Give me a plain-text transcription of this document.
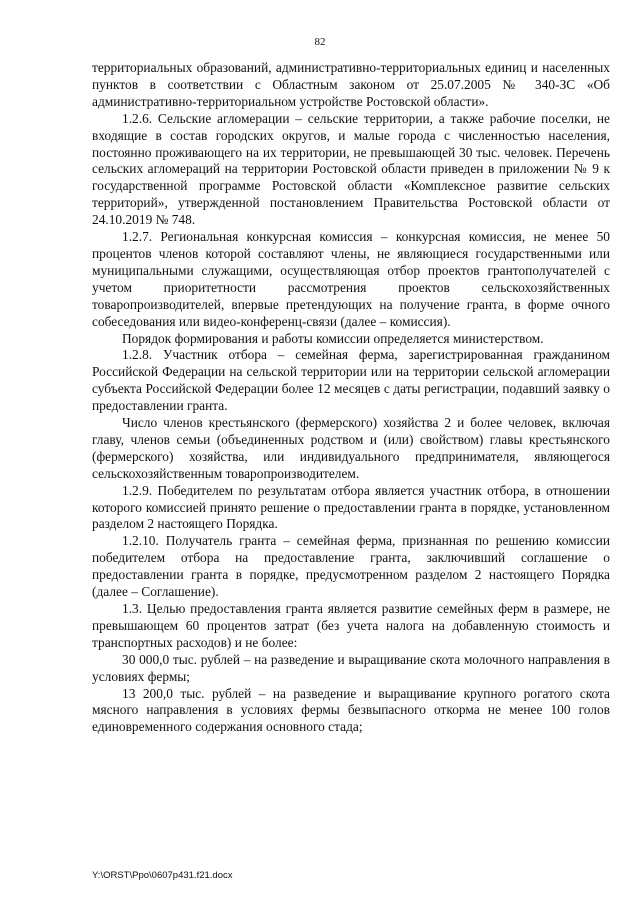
82

территориальных образований, административно-территориальных единиц и населенных пунктов в соответствии с Областным законом от 25.07.2005 № 340-ЗС «Об административно-территориальном устройстве Ростовской области».

1.2.6. Сельские агломерации – сельские территории, а также рабочие поселки, не входящие в состав городских округов, и малые города с численностью населения, постоянно проживающего на их территории, не превышающей 30 тыс. человек. Перечень сельских агломераций на территории Ростовской области приведен в приложении № 9 к государственной программе Ростовской области «Комплексное развитие сельских территорий», утвержденной постановлением Правительства Ростовской области от 24.10.2019 № 748.

1.2.7. Региональная конкурсная комиссия – конкурсная комиссия, не менее 50 процентов членов которой составляют члены, не являющиеся государственными или муниципальными служащими, осуществляющая отбор проектов грантополучателей с учетом приоритетности рассмотрения проектов сельскохозяйственных товаропроизводителей, впервые претендующих на получение гранта, в форме очного собеседования или видео-конференц-связи (далее – комиссия).

Порядок формирования и работы комиссии определяется министерством.

1.2.8. Участник отбора – семейная ферма, зарегистрированная гражданином Российской Федерации на сельской территории или на территории сельской агломерации субъекта Российской Федерации более 12 месяцев с даты регистрации, подавший заявку о предоставлении гранта.

Число членов крестьянского (фермерского) хозяйства 2 и более человек, включая главу, членов семьи (объединенных родством и (или) свойством) главы крестьянского (фермерского) хозяйства, или индивидуального предпринимателя, являющегося сельскохозяйственным товаропроизводителем.

1.2.9. Победителем по результатам отбора является участник отбора, в отношении которого комиссией принято решение о предоставлении гранта в порядке, установленном разделом 2 настоящего Порядка.

1.2.10. Получатель гранта – семейная ферма, признанная по решению комиссии победителем отбора на предоставление гранта, заключивший соглашение о предоставлении гранта в порядке, предусмотренном разделом 2 настоящего Порядка (далее – Соглашение).

1.3. Целью предоставления гранта является развитие семейных ферм в размере, не превышающем 60 процентов затрат (без учета налога на добавленную стоимость и транспортных расходов) и не более:

30 000,0 тыс. рублей – на разведение и выращивание скота молочного направления в условиях фермы;

13 200,0 тыс. рублей – на разведение и выращивание крупного рогатого скота мясного направления в условиях фермы безвыпасного откорма не менее 100 голов единовременного содержания основного стада;

Y:\ORST\Ppo\0607p431.f21.docx
